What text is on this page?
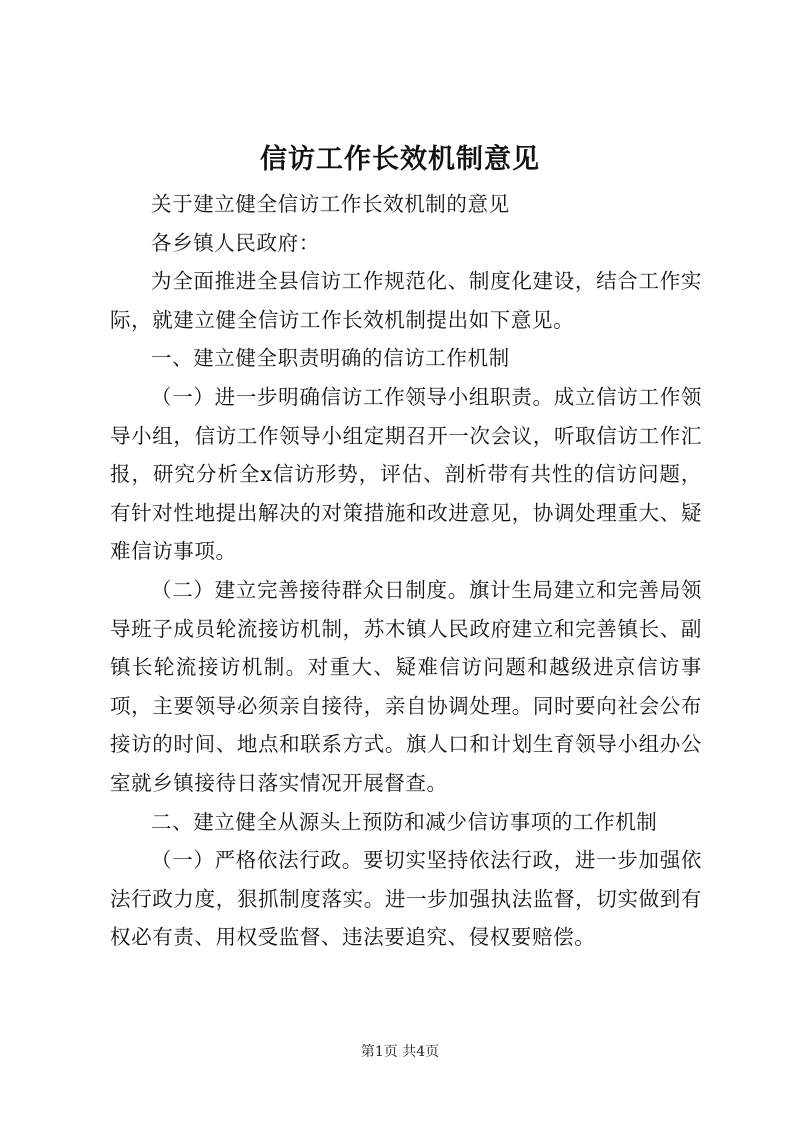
信访工作长效机制意见

关于建立健全信访工作长效机制的意见

各乡镇人民政府：

为全面推进全县信访工作规范化、制度化建设，结合工作实际，就建立健全信访工作长效机制提出如下意见。

一、建立健全职责明确的信访工作机制

（一）进一步明确信访工作领导小组职责。成立信访工作领导小组，信访工作领导小组定期召开一次会议，听取信访工作汇报，研究分析全x信访形势，评估、剖析带有共性的信访问题，有针对性地提出解决的对策措施和改进意见，协调处理重大、疑难信访事项。

（二）建立完善接待群众日制度。旗计生局建立和完善局领导班子成员轮流接访机制，苏木镇人民政府建立和完善镇长、副镇长轮流接访机制。对重大、疑难信访问题和越级进京信访事项，主要领导必须亲自接待，亲自协调处理。同时要向社会公布接访的时间、地点和联系方式。旗人口和计划生育领导小组办公室就乡镇接待日落实情况开展督查。

二、建立健全从源头上预防和减少信访事项的工作机制

（一）严格依法行政。要切实坚持依法行政，进一步加强依法行政力度，狠抓制度落实。进一步加强执法监督，切实做到有权必有责、用权受监督、违法要追究、侵权要赔偿。

第1页 共4页
